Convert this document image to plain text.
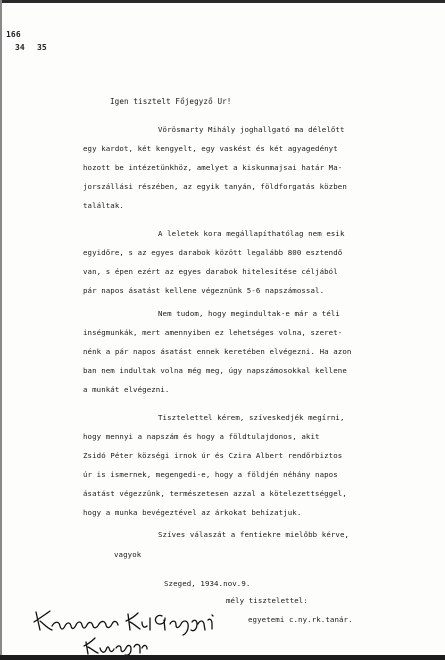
166
34 35
Igen tisztelt Főjegyző Ur!
Vörösmarty Mihály joghallgató ma délelőtt
egy kardot, két kengyelt, egy vaskést és két agyagedényt
hozott be intézetünkhöz, amelyet a kiskunmajsai határ Ma-
jorszállási részében, az egyik tanyán, földforgatás közben
találtak.
A leletek kora megállapíthatólag nem esik
egyidőre, s az egyes darabok között legalább 800 esztendő
van, s épen ezért az egyes darabok hitelesítése céljából
pár napos ásatást kellene végeznünk 5-6 napszámossal.
Nem tudom, hogy megindultak-e már a téli
inségmunkák, mert amennyiben ez lehetséges volna, szeret-
nénk a pár napos ásatást ennek keretében elvégezni. Ha azon
ban nem indultak volna még meg, úgy napszámosokkal kellene
a munkát elvégezni.
Tisztelettel kérem, szíveskedjék megírni,
hogy mennyi a napszám és hogy a földtulajdonos, akit
Zsidó Péter községi irnok úr és Czira Albert rendőrbiztos
úr is ismernek, megengedi-e, hogy a földjén néhány napos
ásatást végezzünk, természetesen azzal a kötelezettséggel,
hogy a munka bevégeztével az árkokat behízatjuk.
Szíves válaszát a fentiekre mielőbb kérve,
vagyok
Szeged, 1934.nov.9.
mély tisztelettel:
egyetemi c.ny.rk.tanár.
